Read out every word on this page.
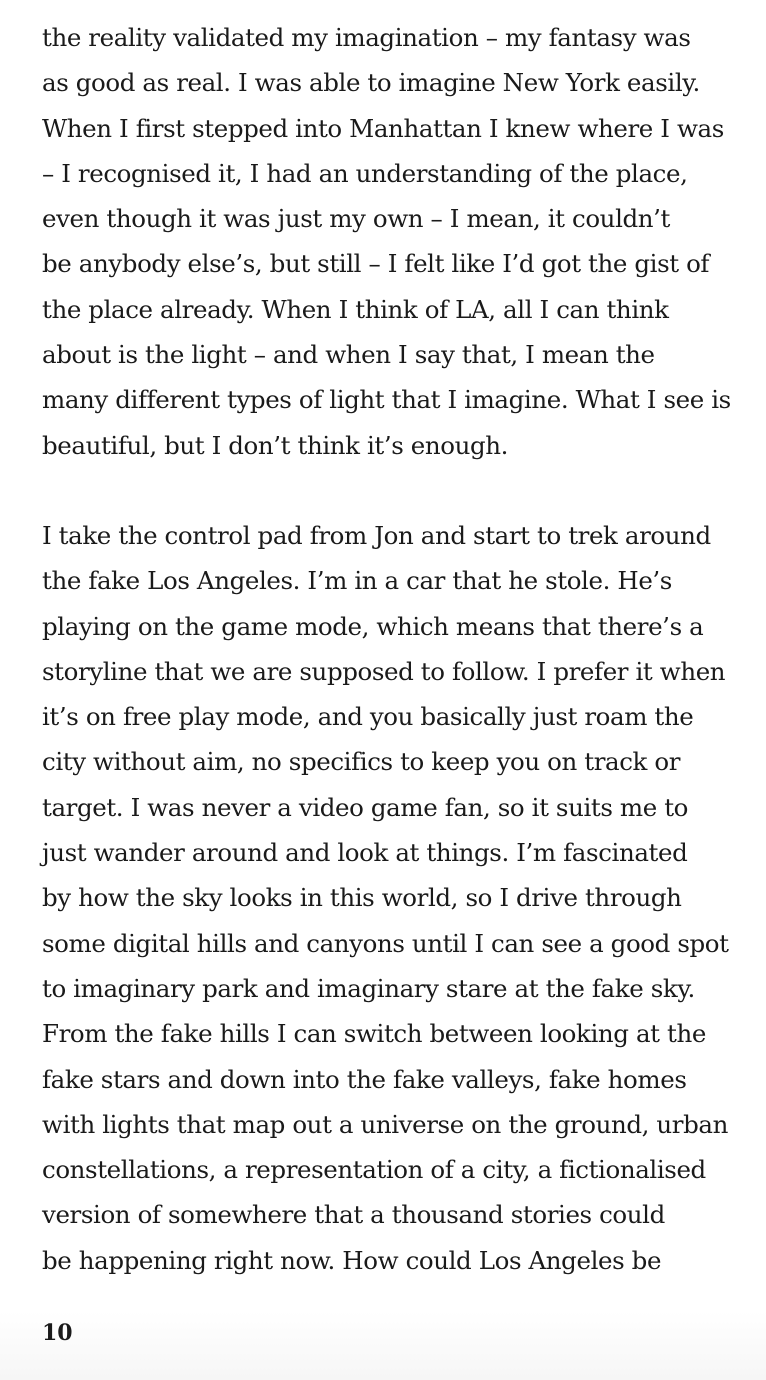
the reality validated my imagination – my fantasy was
as good as real. I was able to imagine New York easily.
When I first stepped into Manhattan I knew where I was
– I recognised it, I had an understanding of the place,
even though it was just my own – I mean, it couldn’t
be anybody else’s, but still – I felt like I’d got the gist of
the place already. When I think of LA, all I can think
about is the light – and when I say that, I mean the
many different types of light that I imagine. What I see is
beautiful, but I don’t think it’s enough.

I take the control pad from Jon and start to trek around
the fake Los Angeles. I’m in a car that he stole. He’s
playing on the game mode, which means that there’s a
storyline that we are supposed to follow. I prefer it when
it’s on free play mode, and you basically just roam the
city without aim, no specifics to keep you on track or
target. I was never a video game fan, so it suits me to
just wander around and look at things. I’m fascinated
by how the sky looks in this world, so I drive through
some digital hills and canyons until I can see a good spot
to imaginary park and imaginary stare at the fake sky.
From the fake hills I can switch between looking at the
fake stars and down into the fake valleys, fake homes
with lights that map out a universe on the ground, urban
constellations, a representation of a city, a fictionalised
version of somewhere that a thousand stories could
be happening right now. How could Los Angeles be

10
